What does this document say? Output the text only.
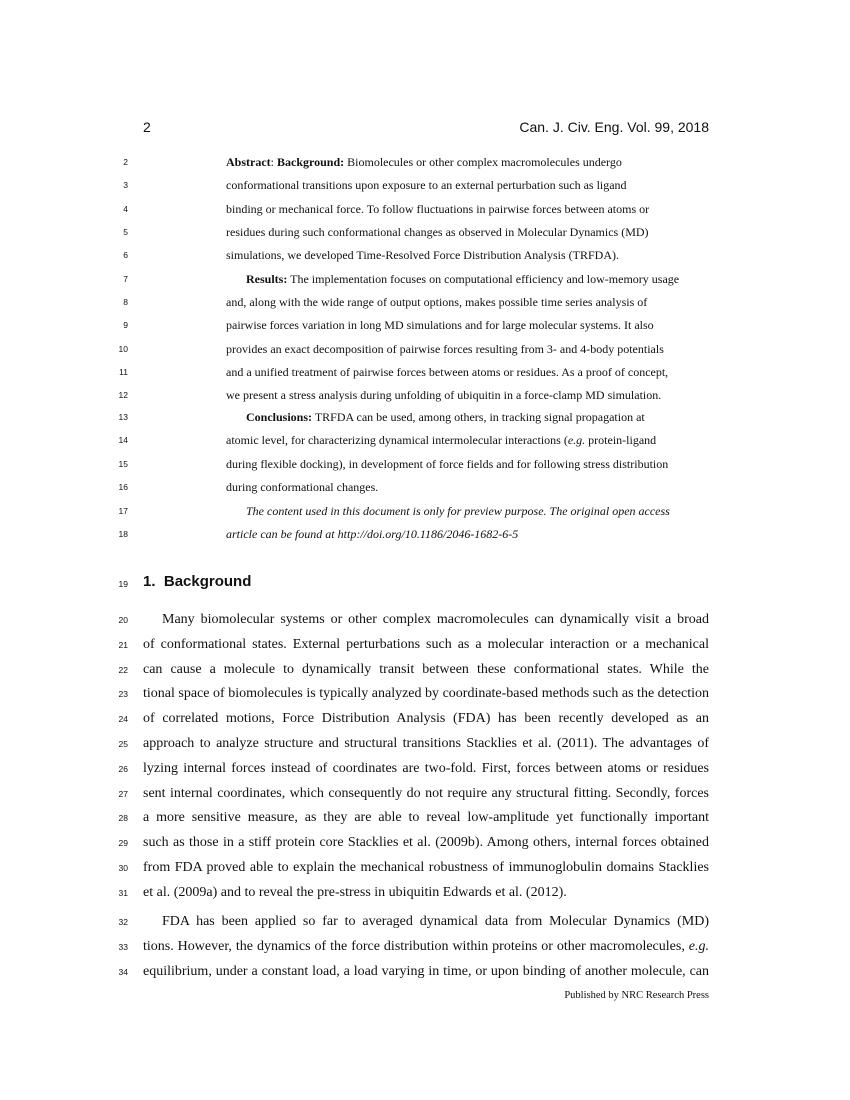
2	Can. J. Civ. Eng. Vol. 99, 2018
2
3
4
5
6
7
8
9
10
11
12
13
14
15
16
17
18
19
20
21
22
23
24
25
26
27
28
29
30
31
32
33
34
Abstract: Background: Biomolecules or other complex macromolecules undergo
conformational transitions upon exposure to an external perturbation such as ligand
binding or mechanical force. To follow fluctuations in pairwise forces between atoms or
residues during such conformational changes as observed in Molecular Dynamics (MD)
simulations, we developed Time-Resolved Force Distribution Analysis (TRFDA).
Results: The implementation focuses on computational efficiency and low-memory usage
and, along with the wide range of output options, makes possible time series analysis of
pairwise forces variation in long MD simulations and for large molecular systems. It also
provides an exact decomposition of pairwise forces resulting from 3- and 4-body potentials
and a unified treatment of pairwise forces between atoms or residues. As a proof of concept,
we present a stress analysis during unfolding of ubiquitin in a force-clamp MD simulation.
Conclusions: TRFDA can be used, among others, in tracking signal propagation at
atomic level, for characterizing dynamical intermolecular interactions (e.g. protein-ligand
during flexible docking), in development of force fields and for following stress distribution
during conformational changes.
The content used in this document is only for preview purpose. The original open access
article can be found at http://doi.org/10.1186/2046-1682-6-5
1. Background
Many biomolecular systems or other complex macromolecules can dynamically visit a broad
of conformational states. External perturbations such as a molecular interaction or a mechanical
can cause a molecule to dynamically transit between these conformational states. While the
tional space of biomolecules is typically analyzed by coordinate-based methods such as the detection
of correlated motions, Force Distribution Analysis (FDA) has been recently developed as an
approach to analyze structure and structural transitions Stacklies et al. (2011). The advantages of
lyzing internal forces instead of coordinates are two-fold. First, forces between atoms or residues
sent internal coordinates, which consequently do not require any structural fitting. Secondly, forces
a more sensitive measure, as they are able to reveal low-amplitude yet functionally important
such as those in a stiff protein core Stacklies et al. (2009b). Among others, internal forces obtained
from FDA proved able to explain the mechanical robustness of immunoglobulin domains Stacklies
et al. (2009a) and to reveal the pre-stress in ubiquitin Edwards et al. (2012).
FDA has been applied so far to averaged dynamical data from Molecular Dynamics (MD)
tions. However, the dynamics of the force distribution within proteins or other macromolecules, e.g.
equilibrium, under a constant load, a load varying in time, or upon binding of another molecule, can
Published by NRC Research Press
